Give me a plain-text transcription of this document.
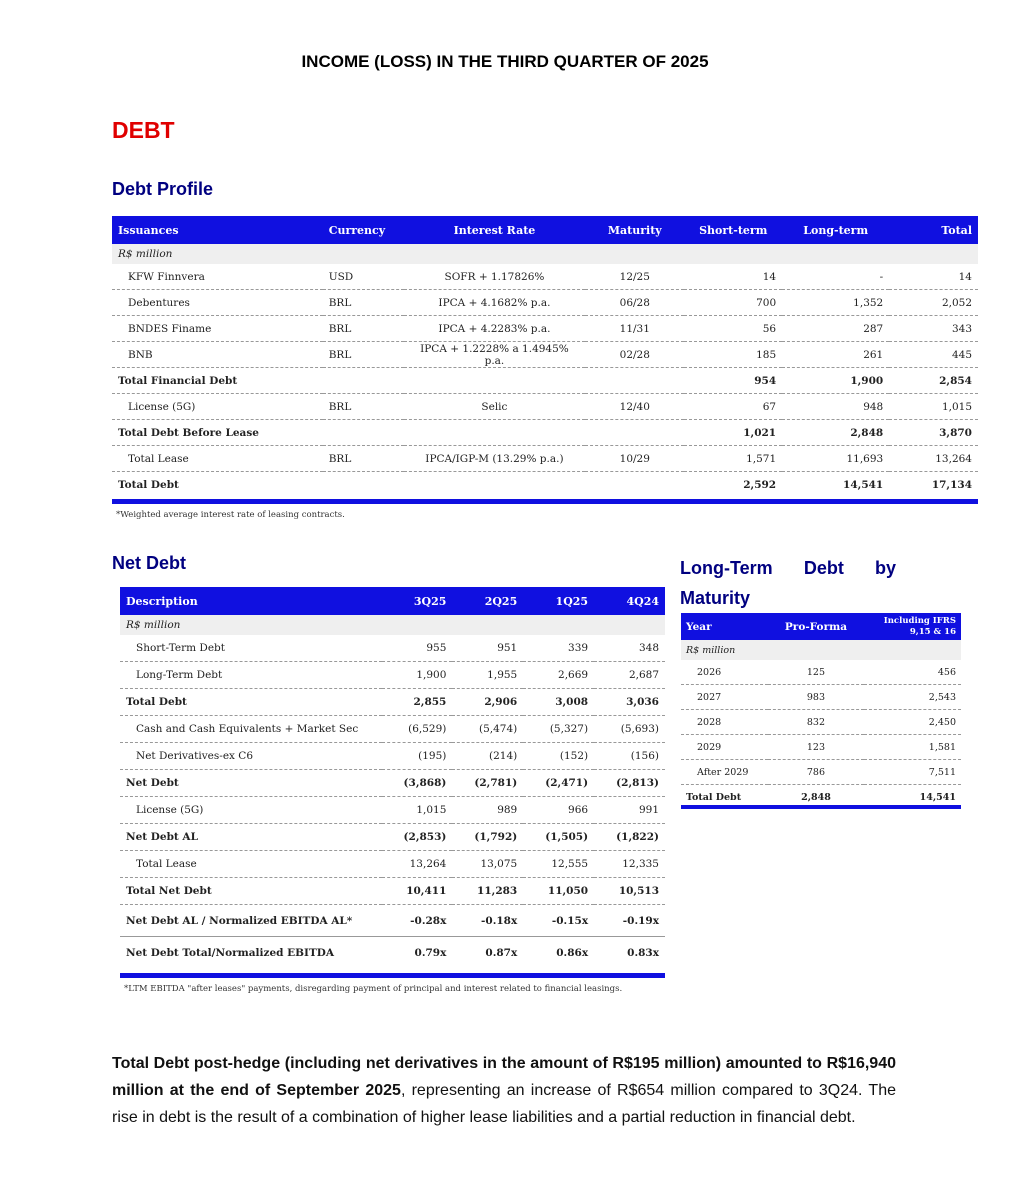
INCOME (LOSS) IN THE THIRD QUARTER OF 2025
DEBT
Debt Profile
Issuances	Currency	Interest Rate	Maturity	Short-term	Long-term	Total
R$ million						
KFW Finnvera	USD	SOFR + 1.17826%	12/25	14	-	14
Debentures	BRL	IPCA + 4.1682% p.a.	06/28	700	1,352	2,052
BNDES Finame	BRL	IPCA + 4.2283% p.a.	11/31	56	287	343
BNB	BRL	IPCA + 1.2228% a 1.4945% p.a.	02/28	185	261	445
Total Financial Debt				954	1,900	2,854
License (5G)	BRL	Selic	12/40	67	948	1,015
Total Debt Before Lease				1,021	2,848	3,870
Total Lease	BRL	IPCA/IGP-M (13.29% p.a.)	10/29	1,571	11,693	13,264
Total Debt				2,592	14,541	17,134
*Weighted average interest rate of leasing contracts.
Net Debt
Description	3Q25	2Q25	1Q25	4Q24
R$ million				
Short-Term Debt	955	951	339	348
Long-Term Debt	1,900	1,955	2,669	2,687
Total Debt	2,855	2,906	3,008	3,036
Cash and Cash Equivalents + Market Sec	(6,529)	(5,474)	(5,327)	(5,693)
Net Derivatives-ex C6	(195)	(214)	(152)	(156)
Net Debt	(3,868)	(2,781)	(2,471)	(2,813)
License (5G)	1,015	989	966	991
Net Debt AL	(2,853)	(1,792)	(1,505)	(1,822)
Total Lease	13,264	13,075	12,555	12,335
Total Net Debt	10,411	11,283	11,050	10,513
Net Debt AL / Normalized EBITDA AL*	-0.28x	-0.18x	-0.15x	-0.19x
Net Debt Total/Normalized EBITDA	0.79x	0.87x	0.86x	0.83x
*LTM EBITDA "after leases" payments, disregarding payment of principal and interest related to financial leasings.
Long-Term Debt by Maturity
Year	Pro-Forma	Including IFRS 9,15 & 16
R$ million		
2026	125	456
2027	983	2,543
2028	832	2,450
2029	123	1,581
After 2029	786	7,511
Total Debt	2,848	14,541
Total Debt post-hedge (including net derivatives in the amount of R$195 million) amounted to R$16,940 million at the end of September 2025, representing an increase of R$654 million compared to 3Q24. The rise in debt is the result of a combination of higher lease liabilities and a partial reduction in financial debt.
